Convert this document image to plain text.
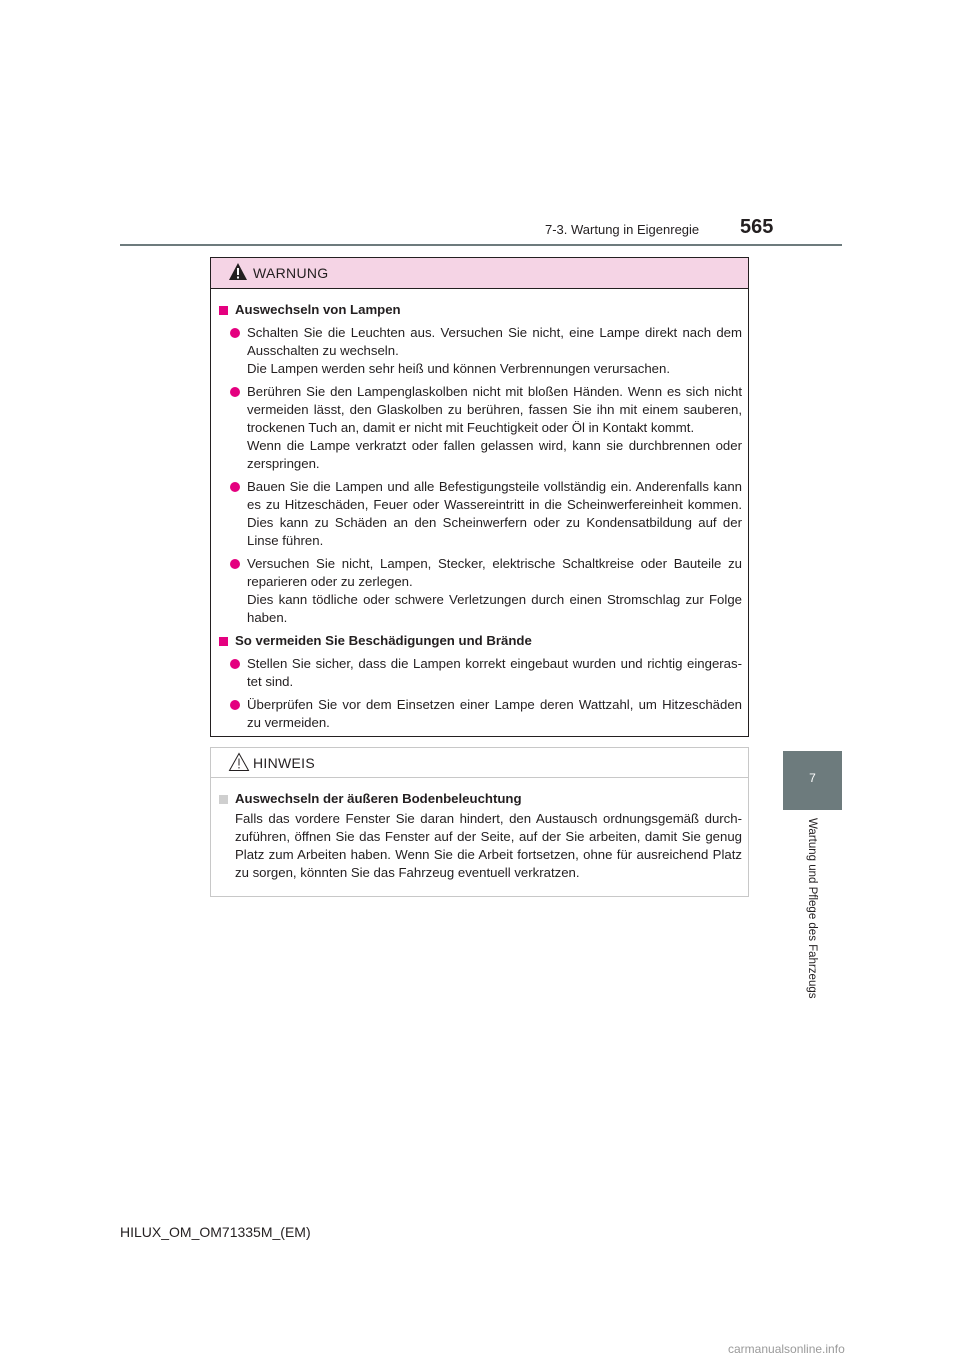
7-3. Wartung in Eigenregie 565
7
Wartung und Pflege des Fahrzeugs
WARNUNG
Auswechseln von Lampen
Schalten Sie die Leuchten aus. Versuchen Sie nicht, eine Lampe direkt nach dem Ausschalten zu wechseln.
Die Lampen werden sehr heiß und können Verbrennungen verursachen.
Berühren Sie den Lampenglaskolben nicht mit bloßen Händen. Wenn es sich nicht vermeiden lässt, den Glaskolben zu berühren, fassen Sie ihn mit einem sauberen, trockenen Tuch an, damit er nicht mit Feuchtigkeit oder Öl in Kontakt kommt.
Wenn die Lampe verkratzt oder fallen gelassen wird, kann sie durchbrennen oder zerspringen.
Bauen Sie die Lampen und alle Befestigungsteile vollständig ein. Anderenfalls kann es zu Hitzeschäden, Feuer oder Wassereintritt in die Scheinwerfereinheit kommen. Dies kann zu Schäden an den Scheinwerfern oder zu Kondensatbildung auf der Linse führen.
Versuchen Sie nicht, Lampen, Stecker, elektrische Schaltkreise oder Bauteile zu reparieren oder zu zerlegen.
Dies kann tödliche oder schwere Verletzungen durch einen Stromschlag zur Folge haben.
So vermeiden Sie Beschädigungen und Brände
Stellen Sie sicher, dass die Lampen korrekt eingebaut wurden und richtig eingeras-tet sind.
Überprüfen Sie vor dem Einsetzen einer Lampe deren Wattzahl, um Hitzeschäden zu vermeiden.
HINWEIS
Auswechseln der äußeren Bodenbeleuchtung
Falls das vordere Fenster Sie daran hindert, den Austausch ordnungsgemäß durch-zuführen, öffnen Sie das Fenster auf der Seite, auf der Sie arbeiten, damit Sie genug Platz zum Arbeiten haben. Wenn Sie die Arbeit fortsetzen, ohne für ausreichend Platz zu sorgen, könnten Sie das Fahrzeug eventuell verkratzen.
HILUX_OM_OM71335M_(EM)
carmanualsonline.info
